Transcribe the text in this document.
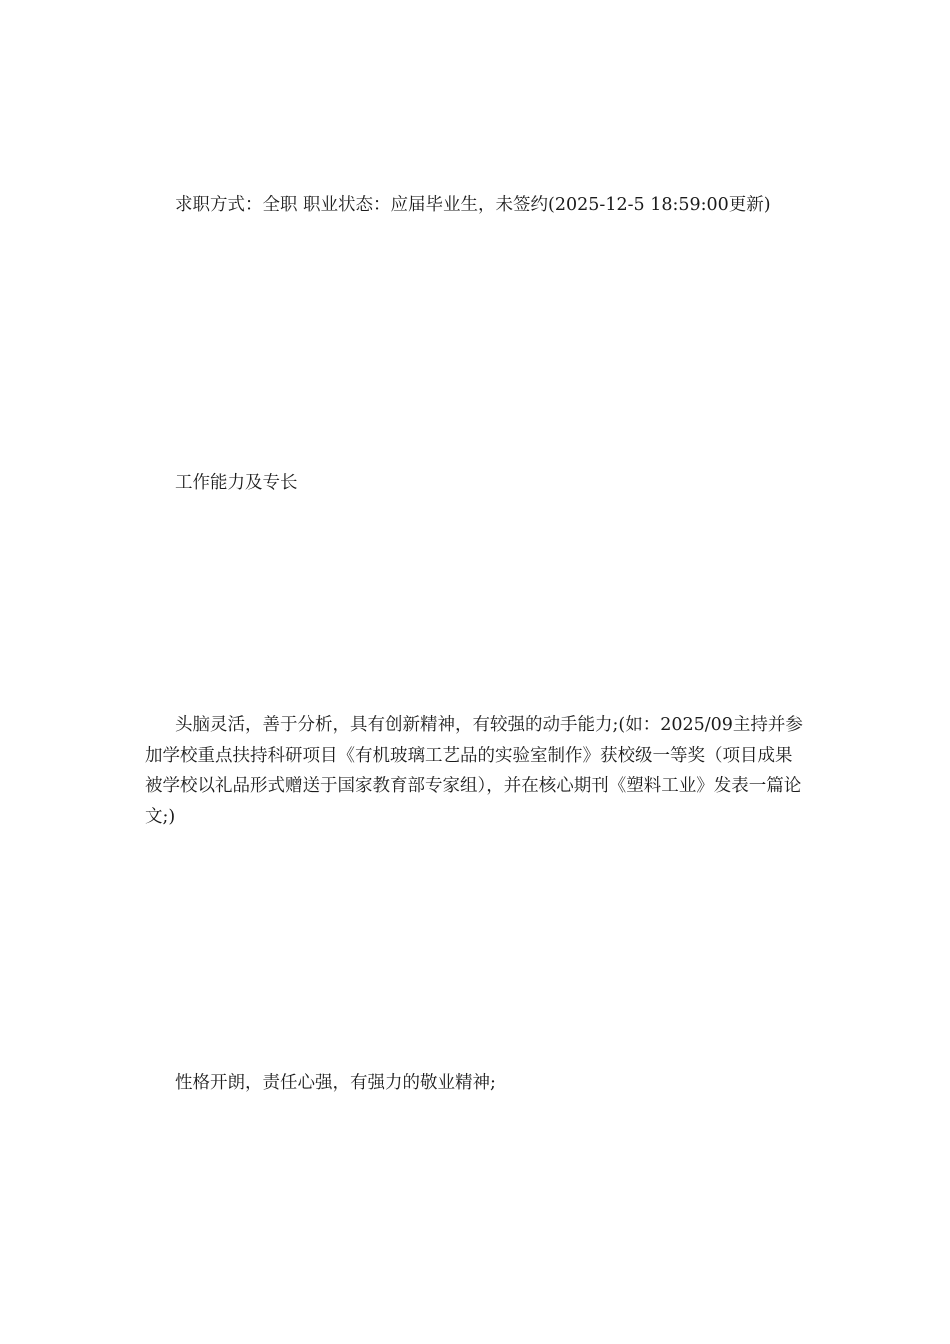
求职方式：全职 职业状态：应届毕业生，未签约(2025-12-5 18:59:00更新)

工作能力及专长

头脑灵活，善于分析，具有创新精神，有较强的动手能力;(如：2025/09主持并参加学校重点扶持科研项目《有机玻璃工艺品的实验室制作》获校级一等奖（项目成果被学校以礼品形式赠送于国家教育部专家组），并在核心期刊《塑料工业》发表一篇论文;)

性格开朗，责任心强，有强力的敬业精神;
